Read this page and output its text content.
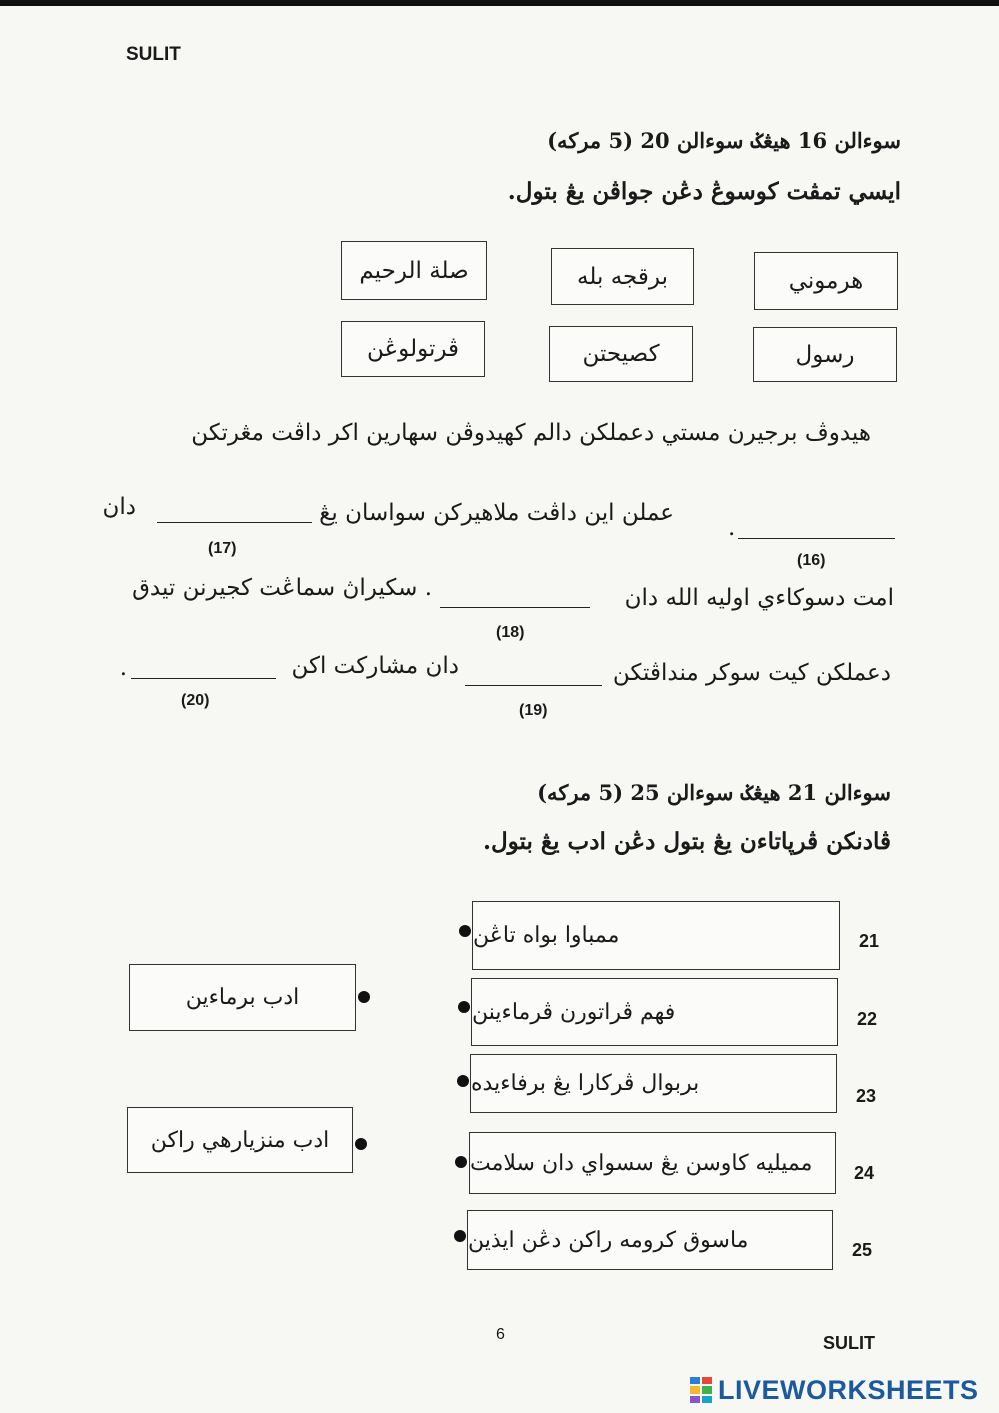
SULIT
سوءالن 16 هيڠݢ سوءالن 20 (5 مركه)
ايسي تمڤت كوسوڠ دڠن جواڤن يڠ بتول.
صلة الرحيم	برقجه بله	هرموني
ڤرتولوڠن	كصيحتن	رسول
هيدوڤ برجيرن مستي دعملكن دالم كهيدوڤن سهارين اكر داڤت مڠرتكن
.
(16)
عملن اين داڤت ملاهيركن سواسان يڠ
(17)
دان
امت دسوكاءي اوليه الله دان
(18)
. سكيراڽ سماڠت كجيرنن تيدق
دعملكن كيت سوكر منداڤتكن
(19)
دان مشاركت اكن
(20)
.
سوءالن 21 هيڠݢ سوءالن 25 (5 مركه)
ڤادنكن ڤرڽاتاءن يڠ بتول دڠن ادب يڠ بتول.
ممباوا بواه تاڠن	21
فهم ڤراتورن ڤرماءينن	22
بربوال ڤركارا يڠ برفاءيده	23
مميليه كاوسن يڠ سسواي دان سلامت	24
ماسوق كرومه راكن دڠن ايذين	25
ادب برماءين
ادب منزيارهي راكن
6	SULIT
LIVEWORKSHEETS
